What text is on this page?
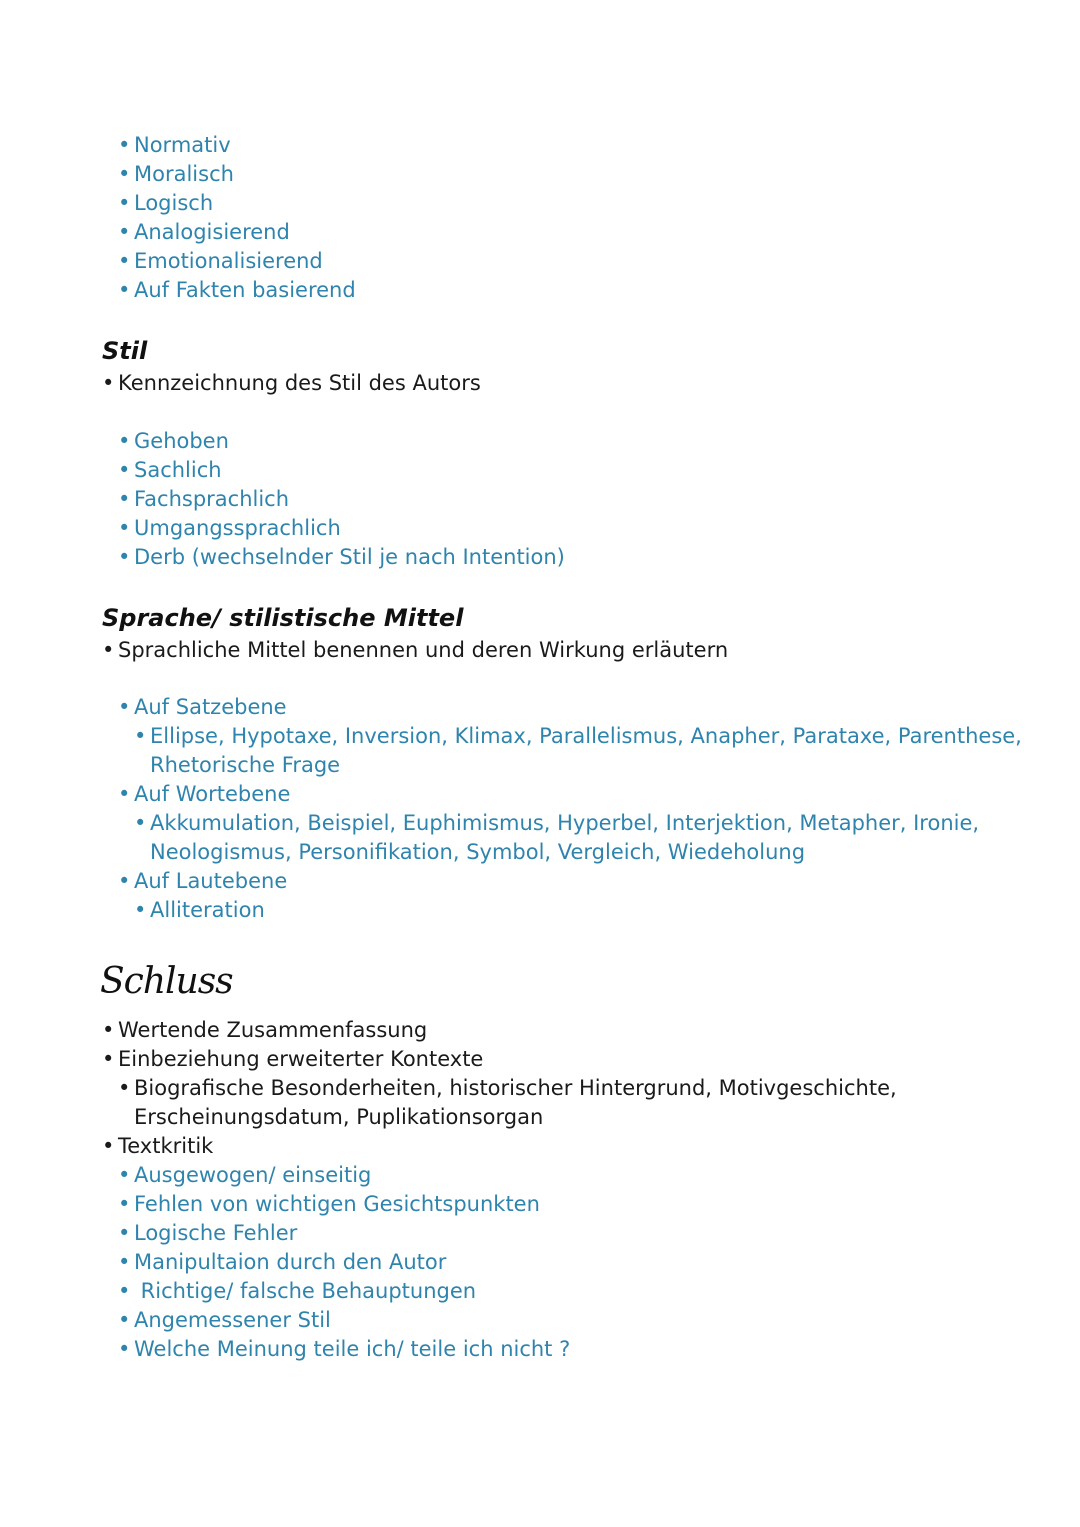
• Normativ
• Moralisch
• Logisch
• Analogisierend
• Emotionalisierend
• Auf Fakten basierend
Stil
• Kennzeichnung des Stil des Autors
• Gehoben
• Sachlich
• Fachsprachlich
• Umgangssprachlich
• Derb (wechselnder Stil je nach Intention)
Sprache/ stilistische Mittel
• Sprachliche Mittel benennen und deren Wirkung erläutern
• Auf Satzebene
• Ellipse, Hypotaxe, Inversion, Klimax, Parallelismus, Anapher, Parataxe, Parenthese,
Rhetorische Frage
• Auf Wortebene
• Akkumulation, Beispiel, Euphimismus, Hyperbel, Interjektion, Metapher, Ironie,
Neologismus, Personifikation, Symbol, Vergleich, Wiedeholung
• Auf Lautebene
• Alliteration
Schluss
• Wertende Zusammenfassung
• Einbeziehung erweiterter Kontexte
• Biografische Besonderheiten, historischer Hintergrund, Motivgeschichte,
Erscheinungsdatum, Puplikationsorgan
• Textkritik
• Ausgewogen/ einseitig
• Fehlen von wichtigen Gesichtspunkten
• Logische Fehler
• Manipultaion durch den Autor
• Richtige/ falsche Behauptungen
• Angemessener Stil
• Welche Meinung teile ich/ teile ich nicht ?
